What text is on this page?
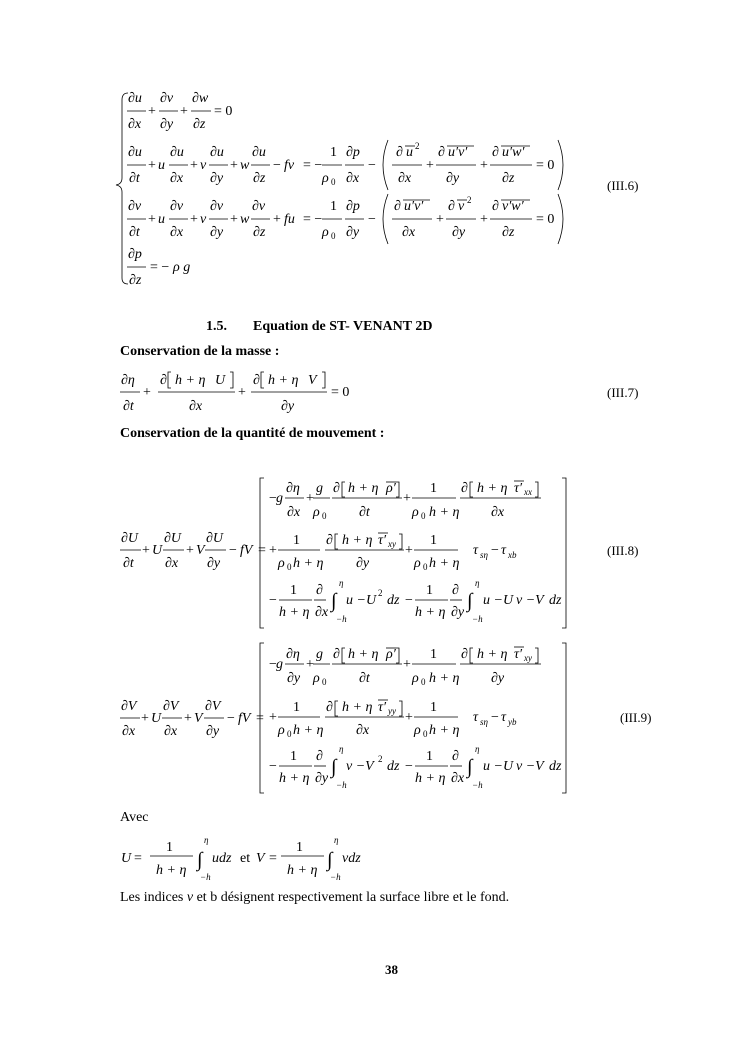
∂u
∂x
+
∂v
∂y
+
∂w
∂z
= 0
∂u
∂t
+ u
∂u
∂x
+ v
∂u
∂y
+ w
∂u
∂z
− fv = −
1
ρ 0
∂p
∂x
−
∂ u 2
∂x
+
∂ u′v′
∂y
+
∂ u′w′
∂z
= 0
∂v
∂t
+ u
∂v
∂x
+ v
∂v
∂y
+ w
∂v
∂z
+ fu = −
1
ρ 0
∂p
∂y
−
∂ u′v′
∂x
+
∂ v 2
∂y
+
∂ v′w′
∂z
= 0
∂p
∂z
= − ρ g
(III.6)
1.5. Equation de ST- VENANT 2D
Conservation de la masse :
∂η
∂t
+
∂ h + η U
∂x
+
∂ h + η V
∂y
= 0	(III.7)
Conservation de la quantité de mouvement :
∂U
∂t
+ U
∂U
∂x
+ V
∂U
∂y
− fV =
− g
∂η
∂x
+
g
ρ 0
∂ h + η ρ′
∂t
+
1
ρ 0 h + η
∂ h + η τ′ xx
∂x
+
1
ρ 0 h + η
∂ h + η τ′ xy
∂y
+
1
ρ 0 h + η
τ sη − τ xb
−
1
h + η
∂
∂x
∫
η
−h
u −U 2 dz −
1
h + η
∂
∂y
∫
η
−h
u −U v −V dz
(III.8)
∂V
∂x
+ U
∂V
∂x
+ V
∂V
∂y
− fV =
− g
∂η
∂y
+
g
ρ 0
∂ h + η ρ′
∂t
+
1
ρ 0 h + η
∂ h + η τ′ xy
∂y
+
1
ρ 0 h + η
∂ h + η τ′ yy
∂x
+
1
ρ 0 h + η
τ sη − τ yb
−
1
h + η
∂
∂y
∫
η
−h
v −V 2 dz −
1
h + η
∂
∂x
∫
η
−h
u −U v −V dz
(III.9)
Avec
U =
1
h + η ∫
η
−h
udz et V =
1
h + η ∫
η
−h
vdz
Les indices v et b désignent respectivement la surface libre et le fond.
38
